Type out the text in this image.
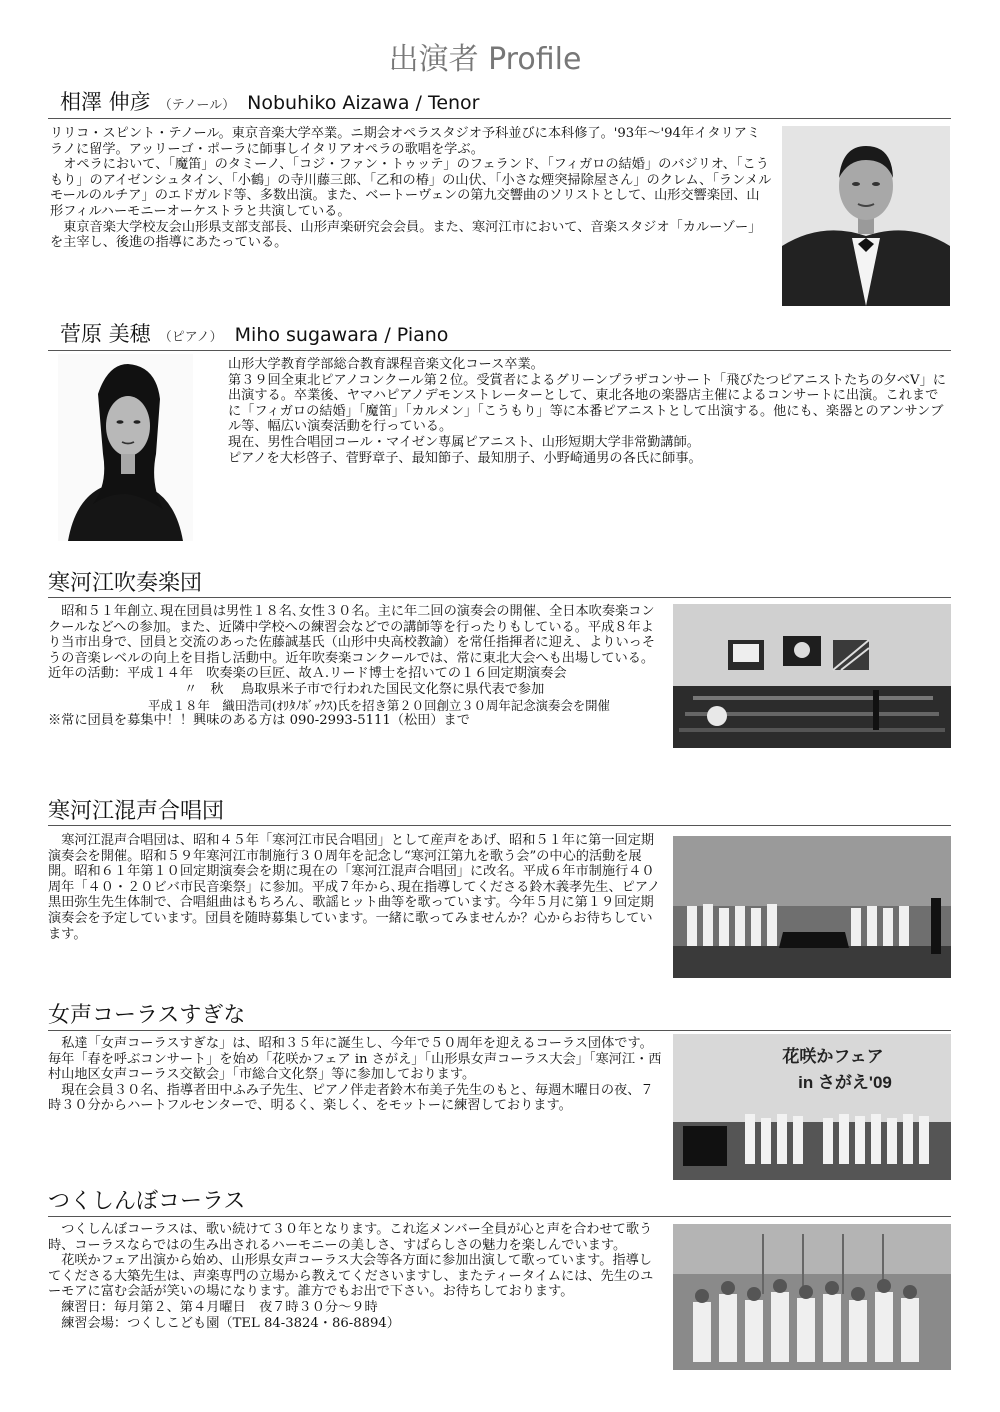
出演者 Profile
相澤 伸彦 （テノール） Nobuhiko Aizawa / Tenor

リリコ・スピント・テノール。東京音楽大学卒業。ニ期会オペラスタジオ予科並びに本科修了。'93年～'94年イタリアミラノに留学。アッリーゴ・ポーラに師事しイタリアオペラの歌唱を学ぶ。

オペラにおいて、「魔笛」のタミーノ、「コジ・ファン・トゥッテ」のフェランド、「フィガロの結婚」のバジリオ、「こうもり」のアイゼンシュタイン、「小鶴」の寺川藤三郎、「乙和の椿」の山伏、「小さな煙突掃除屋さん」のクレム、「ランメルモールのルチア」のエドガルド等、多数出演。また、ベートーヴェンの第九交響曲のソリストとして、山形交響楽団、山形フィルハーモニーオーケストラと共演している。

東京音楽大学校友会山形県支部支部長、山形声楽研究会会員。また、寒河江市において、音楽スタジオ「カルーゾー」を主宰し、後進の指導にあたっている。

菅原 美穂 （ピアノ） Miho sugawara / Piano

山形大学教育学部総合教育課程音楽文化コース卒業。

第３９回全東北ピアノコンクール第２位。受賞者によるグリーンプラザコンサート「飛びたつピアニストたちの夕べV」に出演する。卒業後、ヤマハピアノデモンストレーターとして、東北各地の楽器店主催によるコンサートに出演。これまでに「フィガロの結婚」「魔笛」「カルメン」「こうもり」等に本番ピアニストとして出演する。他にも、楽器とのアンサンブル等、幅広い演奏活動を行っている。

現在、男性合唱団コール・マイゼン専属ピアニスト、山形短期大学非常勤講師。

ピアノを大杉啓子、菅野章子、最知節子、最知朋子、小野崎通男の各氏に師事。

寒河江吹奏楽団

昭和５１年創立､現在団員は男性１８名､女性３０名。主に年二回の演奏会の開催、全日本吹奏楽コンクールなどへの参加。また、近隣中学校への練習会などでの講師等を行ったりもしている。平成８年より当市出身で、団員と交流のあった佐藤誠基氏（山形中央高校教諭）を常任指揮者に迎え、よりいっそうの音楽レベルの向上を目指し活動中。近年吹奏楽コンクールでは、常に東北大会へも出場している。

近年の活動：平成１４年　吹奏楽の巨匠、故Ａ.リード博士を招いての１６回定期演奏会

〃　秋　 鳥取県米子市で行われた国民文化祭に県代表で参加

平成１８年　織田浩司(ｵﾘﾀﾉﾎﾞｯｸｽ)氏を招き第２０回創立３０周年記念演奏会を開催

※常に団員を募集中！！興味のある方は 090-2993-5111（松田）まで

寒河江混声合唱団

寒河江混声合唱団は、昭和４５年「寒河江市民合唱団」として産声をあげ、昭和５１年に第一回定期演奏会を開催。昭和５９年寒河江市制施行３０周年を記念し“寒河江第九を歌う会”の中心的活動を展開。昭和６１年第１０回定期演奏会を期に現在の「寒河江混声合唱団」に改名。平成６年市制施行４０周年「４０・２０ビバ市民音楽祭」に参加。平成７年から､現在指導してくださる鈴木義孝先生、ピアノ黒田弥生先生体制で、合唱組曲はもちろん、歌謡ヒット曲等を歌っています。今年５月に第１９回定期演奏会を予定しています。団員を随時募集しています。一緒に歌ってみませんか？心からお待ちしています。

女声コーラスすぎな

私達「女声コーラスすぎな」は、昭和３５年に誕生し、今年で５０周年を迎えるコーラス団体です。毎年「春を呼ぶコンサート」を始め「花咲かフェア in さがえ」「山形県女声コーラス大会」「寒河江・西村山地区女声コーラス交歓会」「市総合文化祭」等に参加しております。

現在会員３０名、指導者田中ふみ子先生、ピアノ伴走者鈴木布美子先生のもと、毎週木曜日の夜、７時３０分からハートフルセンターで、明るく、楽しく、をモットーに練習しております。

花咲かフェア
in さがえ'09
つくしんぼコーラス

つくしんぼコーラスは、歌い続けて３０年となります。これ迄メンバー全員が心と声を合わせて歌う時、コーラスならではの生み出されるハーモニーの美しさ、すばらしさの魅力を楽しんでいます。

花咲かフェア出演から始め、山形県女声コーラス大会等各方面に参加出演して歌っています。指導してくださる大築先生は、声楽専門の立場から教えてくださいますし、またティータイムには、先生のユーモアに富む会話が笑いの場になります。誰方でもお出で下さい。お待ちしております。

練習日：毎月第２、第４月曜日　夜７時３０分～９時

練習会場：つくしこども園（TEL 84-3824・86-8894）
